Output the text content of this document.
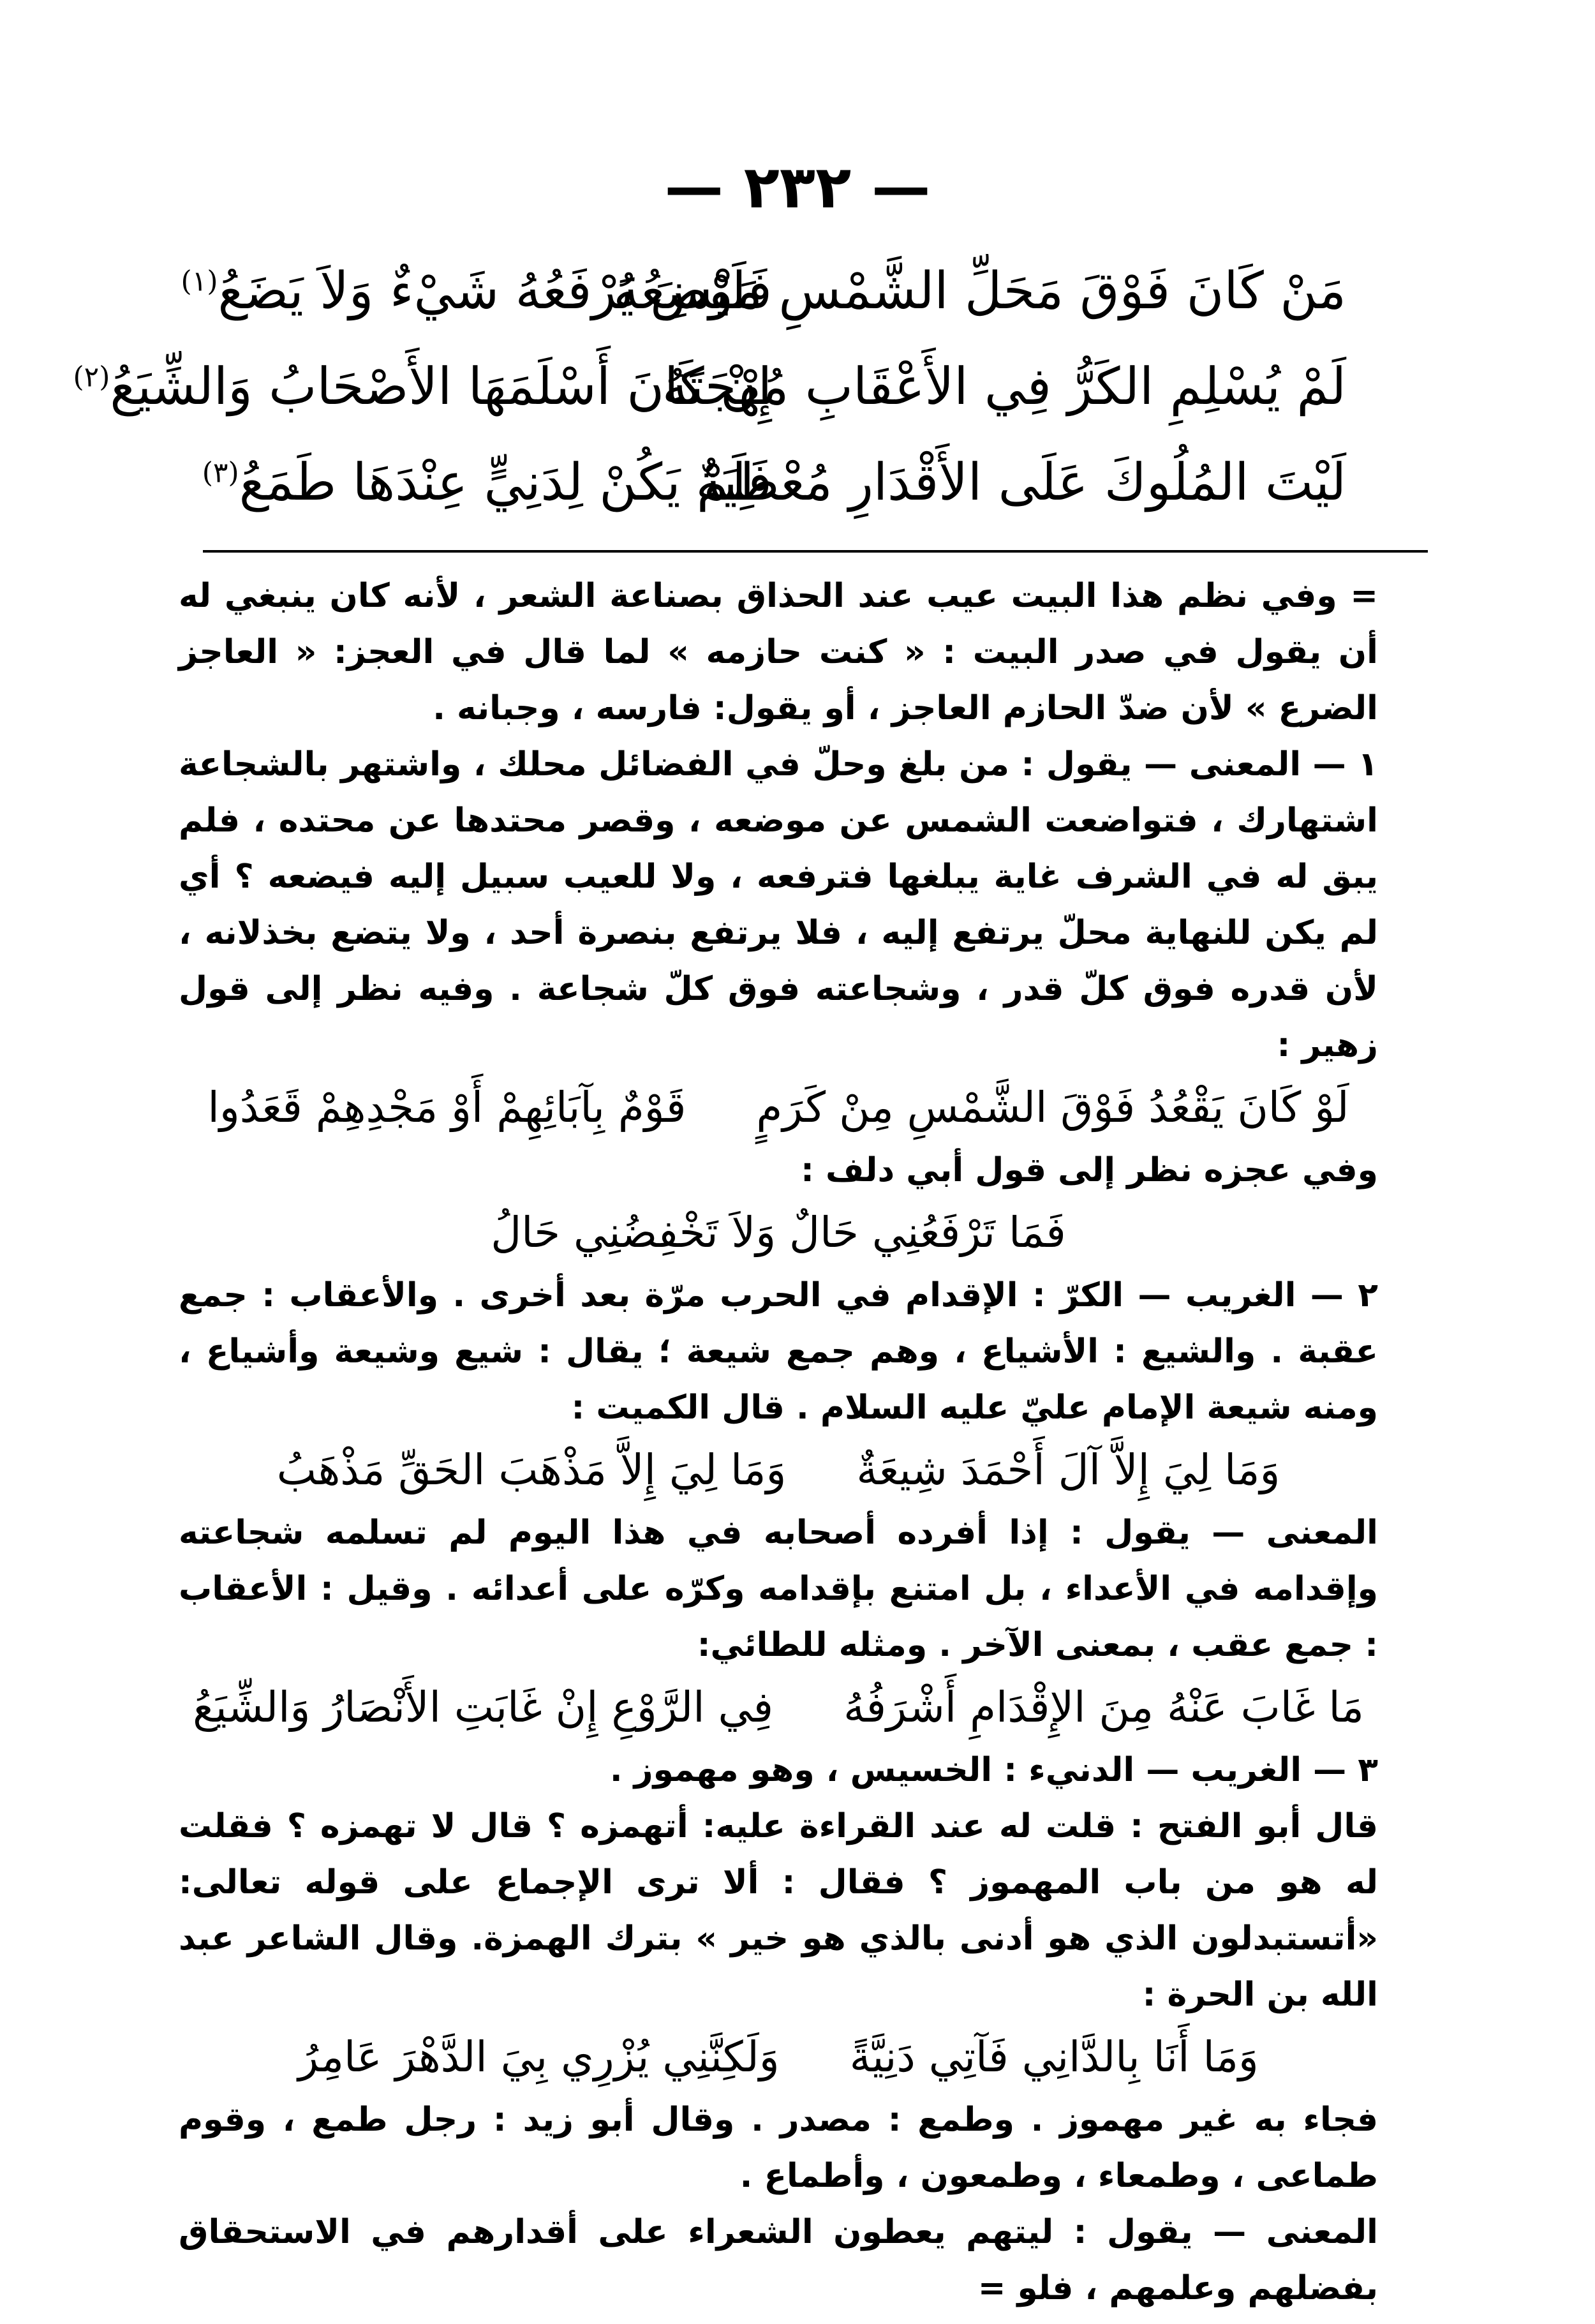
— ٢٣٢ —
مَنْ كَانَ فَوْقَ مَحَلِّ الشَّمْسِ مَوْضِعُهُ
فَلَيْسَ يَرْفَعُهُ شَيْءٌ وَلاَ يَضَعُ$^{(١)}$
لَمْ يُسْلِمِ الكَرُّ فِي الأَعْقَابِ مُهْجَتَهُ
إِنْ كَانَ أَسْلَمَهَا الأَصْحَابُ وَالشِّيَعُ$^{(٢)}$
لَيْتَ المُلُوكَ عَلَى الأَقْدَارِ مُعْطِيَةٌ
فَلَمْ يَكُنْ لِدَنِيٍّ عِنْدَهَا طَمَعُ$^{(٣)}$

= وفي نظم هذا البيت عيب عند الحذاق بصناعة الشعر ، لأنه كان ينبغي له أن يقول في صدر البيت : « كنت حازمه » لما قال في العجز: « العاجز الضرع » لأن ضدّ الحازم العاجز ، أو يقول: فارسه ، وجبانه .

١ — المعنى — يقول : من بلغ وحلّ في الفضائل محلك ، واشتهر بالشجاعة اشتهارك ، فتواضعت الشمس عن موضعه ، وقصر محتدها عن محتده ، فلم يبق له في الشرف غاية يبلغها فترفعه ، ولا للعيب سبيل إليه فيضعه ؟ أي لم يكن للنهاية محلّ يرتفع إليه ، فلا يرتفع بنصرة أحد ، ولا يتضع بخذلانه ، لأن قدره فوق كلّ قدر ، وشجاعته فوق كلّ شجاعة . وفيه نظر إلى قول زهير :

لَوْ كَانَ يَقْعُدُ فَوْقَ الشَّمْسِ مِنْ كَرَمٍ
قَوْمٌ بِآبَائِهِمْ أَوْ مَجْدِهِمْ قَعَدُوا

وفي عجزه نظر إلى قول أبي دلف :

فَمَا تَرْفَعُنِي حَالٌ وَلاَ تَخْفِضُنِي حَالُ

٢ — الغريب — الكرّ : الإقدام في الحرب مرّة بعد أخرى . والأعقاب : جمع عقبة . والشيع : الأشياع ، وهم جمع شيعة ؛ يقال : شيع وشيعة وأشياع ، ومنه شيعة الإمام عليّ عليه السلام . قال الكميت :

وَمَا لِيَ إِلاَّ آلَ أَحْمَدَ شِيعَةٌ
وَمَا لِيَ إِلاَّ مَذْهَبَ الحَقِّ مَذْهَبُ

المعنى — يقول : إذا أفرده أصحابه في هذا اليوم لم تسلمه شجاعته وإقدامه في الأعداء ، بل امتنع بإقدامه وكرّه على أعدائه . وقيل : الأعقاب : جمع عقب ، بمعنى الآخر . ومثله للطائي:

مَا غَابَ عَنْهُ مِنَ الإِقْدَامِ أَشْرَفُهُ
فِي الرَّوْعِ إِنْ غَابَتِ الأَنْصَارُ وَالشِّيَعُ

٣ — الغريب — الدنيء : الخسيس ، وهو مهموز .

قال أبو الفتح : قلت له عند القراءة عليه: أتهمزه ؟ قال لا تهمزه ؟ فقلت له هو من باب المهموز ؟ فقال : ألا ترى الإجماع على قوله تعالى: «أتستبدلون الذي هو أدنى بالذي هو خير » بترك الهمزة. وقال الشاعر عبد الله بن الحرة :

وَمَا أَنَا بِالدَّانِي فَآتِي دَنِيَّةً
وَلَكِنَّنِي يُزْرِي بِيَ الدَّهْرَ عَامِرُ

فجاء به غير مهموز . وطمع : مصدر . وقال أبو زيد : رجل طمع ، وقوم طماعى ، وطمعاء ، وطمعون ، وأطماع .

المعنى — يقول : ليتهم يعطون الشعراء على أقدارهم في الاستحقاق بفضلهم وعلمهم ، فلو =
